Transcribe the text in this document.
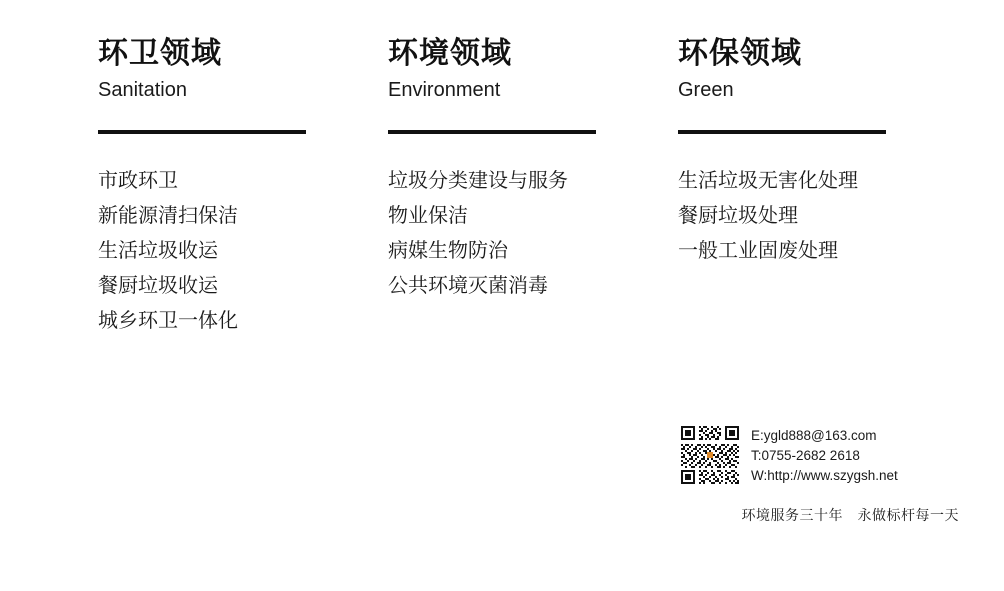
环卫领域
Sanitation
市政环卫
新能源清扫保洁
生活垃圾收运
餐厨垃圾收运
城乡环卫一体化
环境领域
Environment
垃圾分类建设与服务
物业保洁
病媒生物防治
公共环境灭菌消毒
环保领域
Green
生活垃圾无害化处理
餐厨垃圾处理
一般工业固废处理
E:ygld888@163.com
T:0755-2682 2618
W:http://www.szygsh.net
环境服务三十年　永做标杆每一天
